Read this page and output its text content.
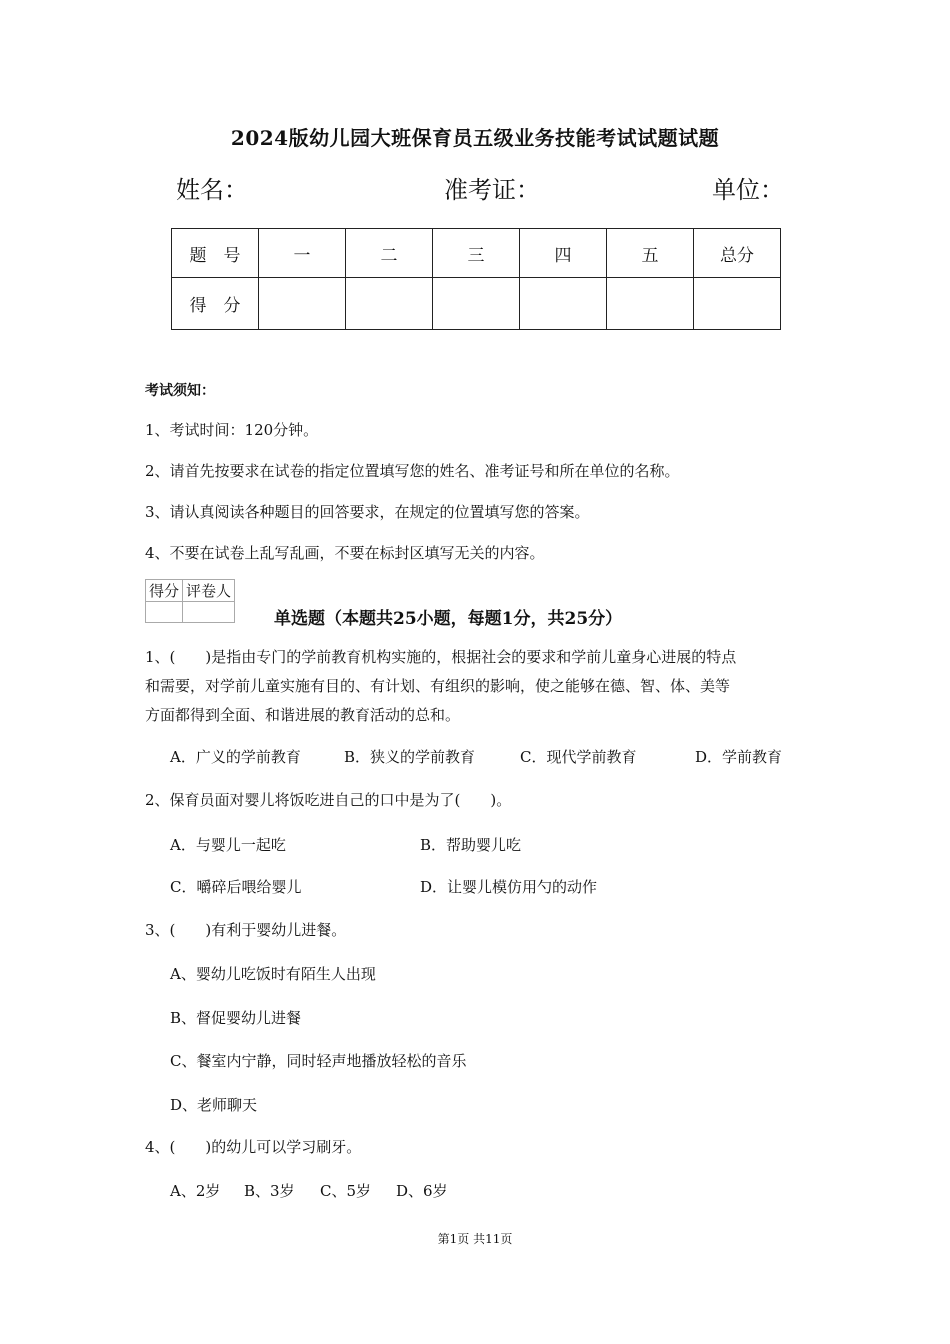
2024版幼儿园大班保育员五级业务技能考试试题试题
姓名：	准考证：	单位：
题　号	一	二	三	四	五	总分
得　分						
考试须知：
1、考试时间：120分钟。
2、请首先按要求在试卷的指定位置填写您的姓名、准考证号和所在单位的名称。
3、请认真阅读各种题目的回答要求，在规定的位置填写您的答案。
4、不要在试卷上乱写乱画，不要在标封区填写无关的内容。
得分	评卷人

单选题（本题共25小题，每题1分，共25分）
1、(　　)是指由专门的学前教育机构实施的，根据社会的要求和学前儿童身心进展的特点
和需要，对学前儿童实施有目的、有计划、有组织的影响，使之能够在德、智、体、美等
方面都得到全面、和谐进展的教育活动的总和。
A．广义的学前教育	B．狭义的学前教育	C．现代学前教育	D．学前教育
2、保育员面对婴儿将饭吃进自己的口中是为了(　　)。
A．与婴儿一起吃	B．帮助婴儿吃
C．嚼碎后喂给婴儿	D．让婴儿模仿用勺的动作
3、(　　)有利于婴幼儿进餐。
A、婴幼儿吃饭时有陌生人出现
B、督促婴幼儿进餐
C、餐室内宁静，同时轻声地播放轻松的音乐
D、老师聊天
4、(　　)的幼儿可以学习刷牙。
A、2岁 B、3岁 C、5岁 D、6岁
第1页 共11页
